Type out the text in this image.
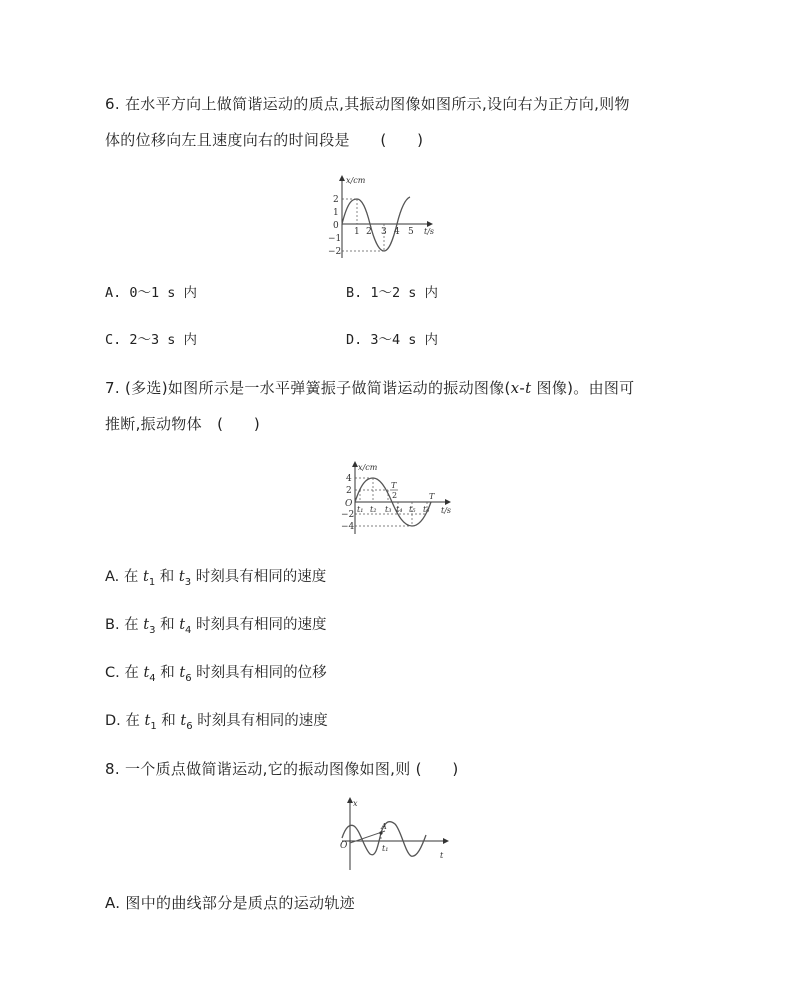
6. 在水平方向上做简谐运动的质点,其振动图像如图所示,设向右为正方向,则物
体的位移向左且速度向右的时间段是　　(　　)
x/cm
t/s
2
1
0
−1
−2
1 2 3 4 5
A. 0～1 s 内	B. 1～2 s 内
C. 2～3 s 内	D. 3～4 s 内
7. (多选)如图所示是一水平弹簧振子做简谐运动的振动图像(x-t 图像)。由图可
推断,振动物体　(　　)
x/cm
t/s
4
2
O
−2
−4
t₁ t₂ t₃ t₄ t₅ t₆
T
2	T
A. 在 $t_1$ 和 $t_3$ 时刻具有相同的速度
B. 在 $t_3$ 和 $t_4$ 时刻具有相同的速度
C. 在 $t_4$ 和 $t_6$ 时刻具有相同的位移
D. 在 $t_1$ 和 $t_6$ 时刻具有相同的速度
8. 一个质点做简谐运动,它的振动图像如图,则 (　　)
x
t
O
A
t₁
A. 图中的曲线部分是质点的运动轨迹
